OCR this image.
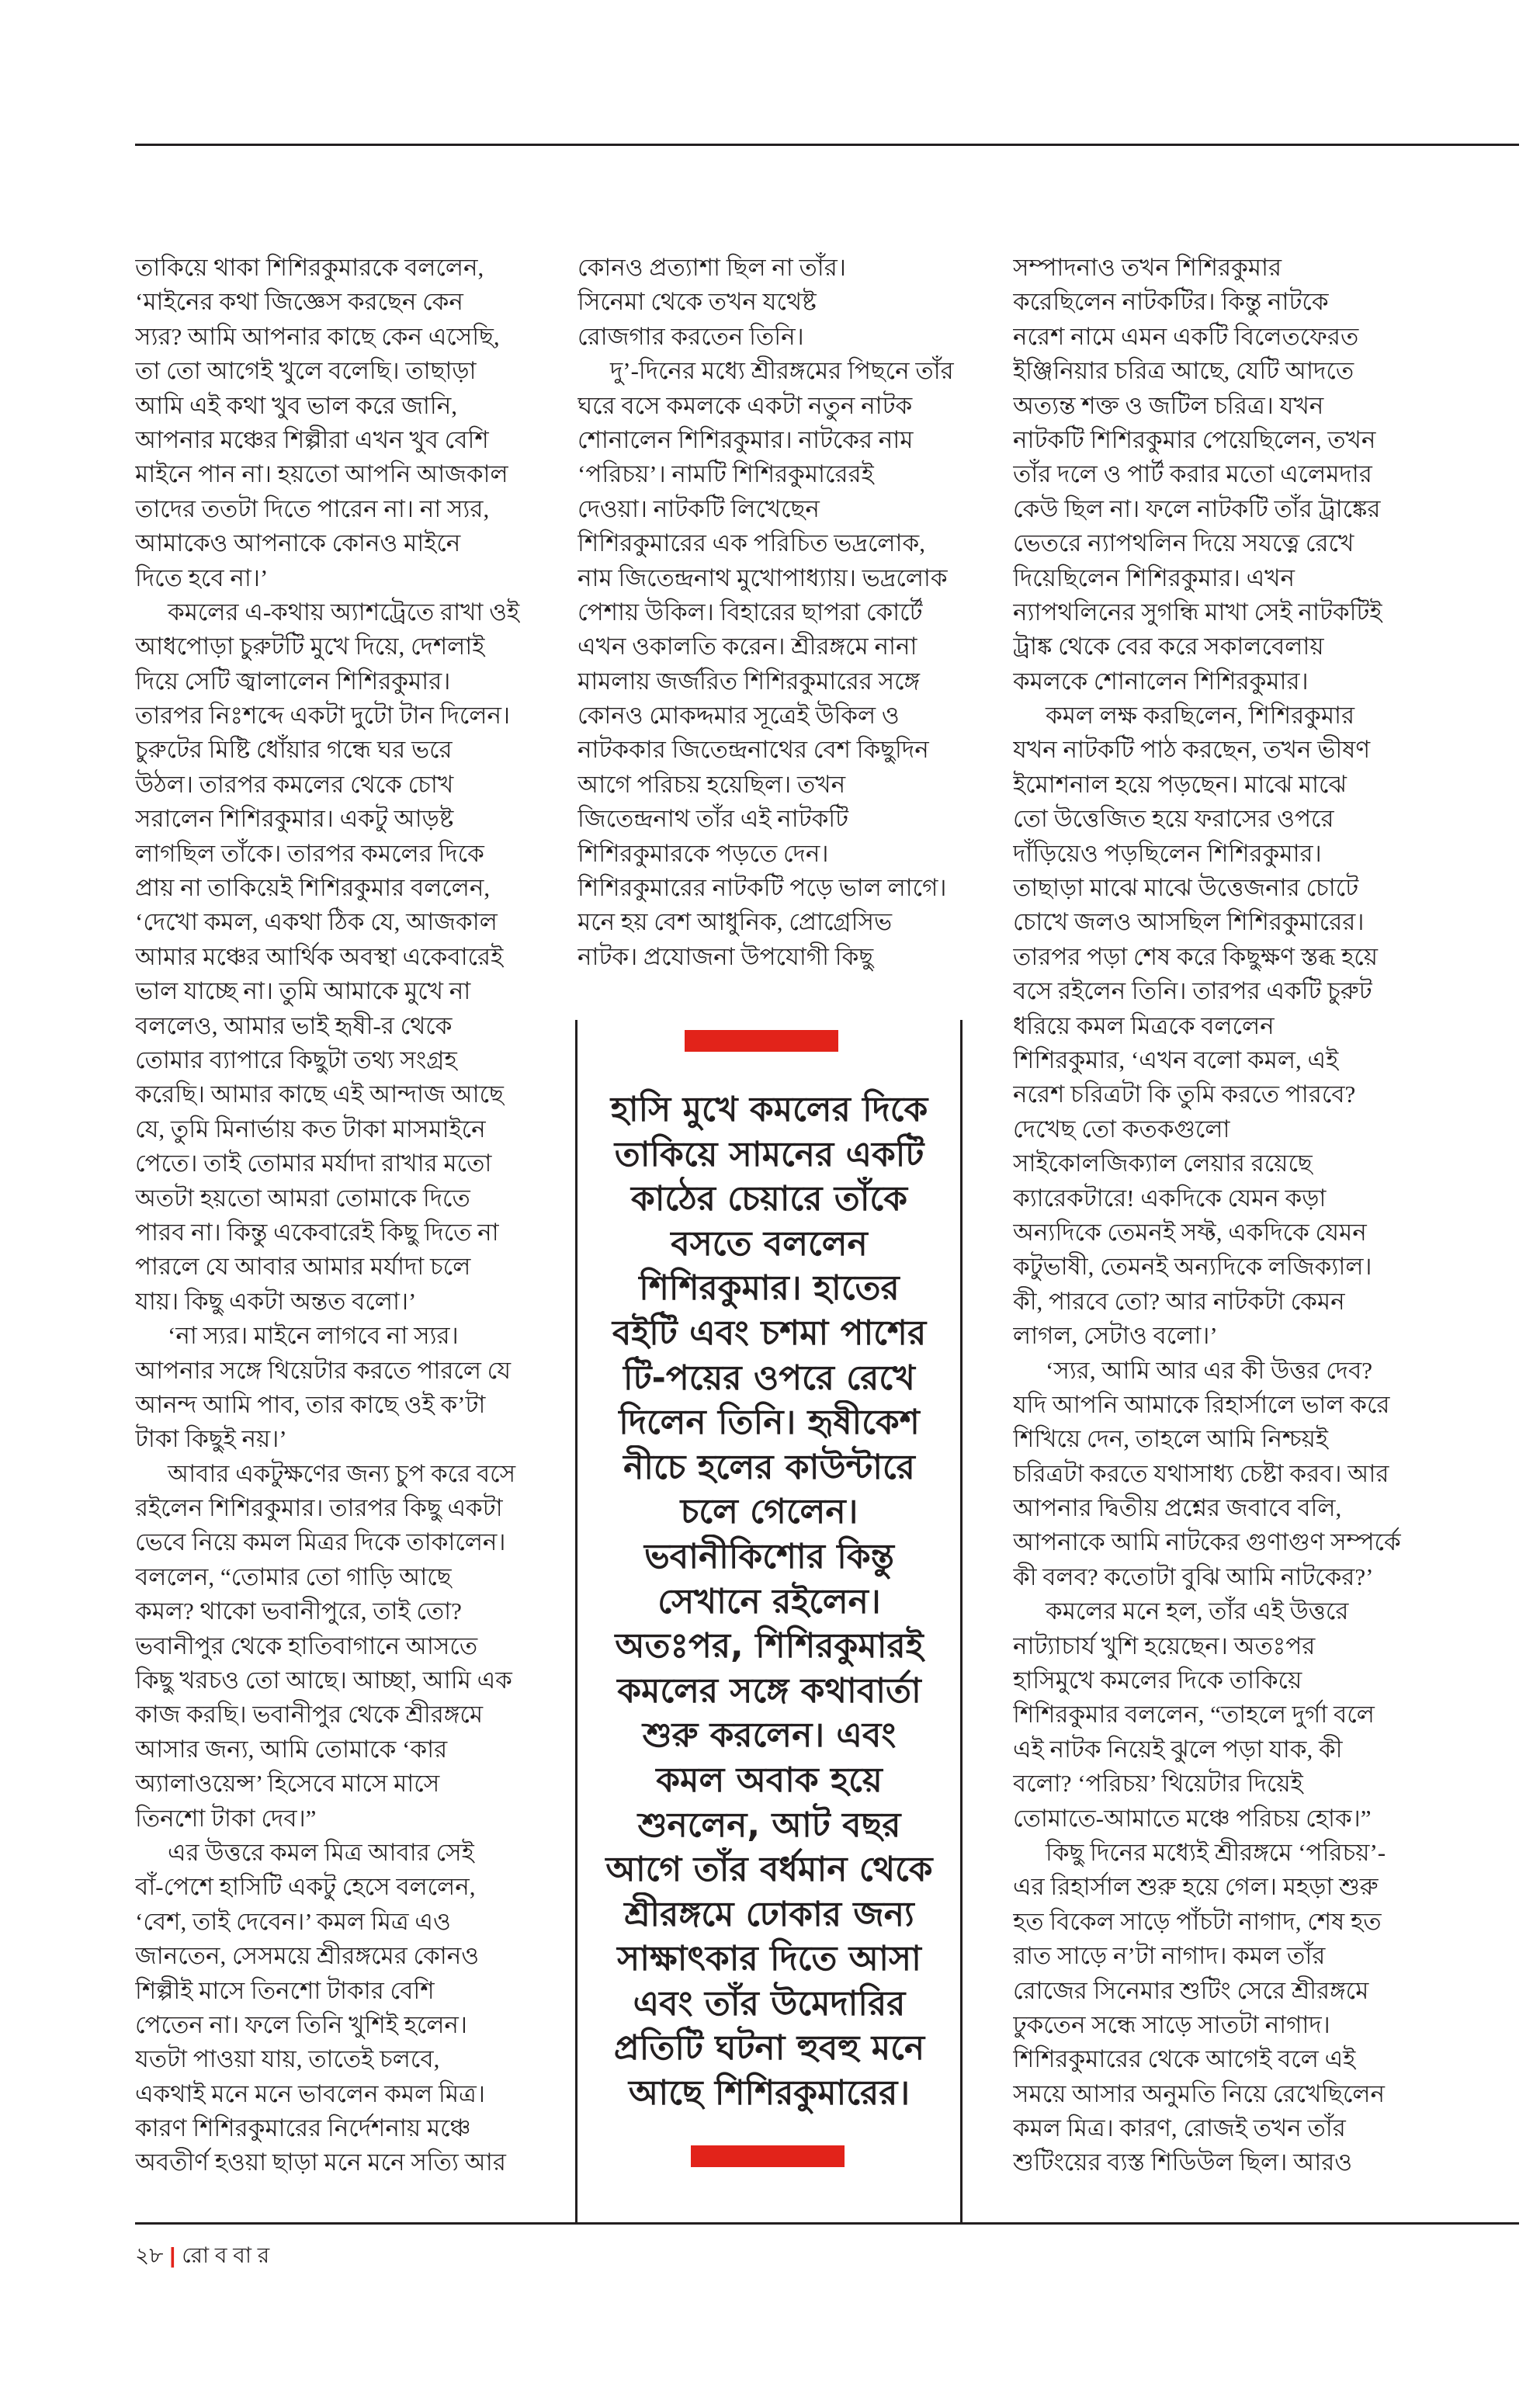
তাকিয়ে থাকা শিশিরকুমারকে বললেন,
‘মাইনের কথা জিজ্ঞেস করছেন কেন
স্যর? আমি আপনার কাছে কেন এসেছি,
তা তো আগেই খুলে বলেছি। তাছাড়া
আমি এই কথা খুব ভাল করে জানি,
আপনার মঞ্চের শিল্পীরা এখন খুব বেশি
মাইনে পান না। হয়তো আপনি আজকাল
তাদের ততটা দিতে পারেন না। না স্যর,
আমাকেও আপনাকে কোনও মাইনে
দিতে হবে না।’
কমলের এ-কথায় অ্যাশট্রেতে রাখা ওই
আধপোড়া চুরুটটি মুখে দিয়ে, দেশলাই
দিয়ে সেটি জ্বালালেন শিশিরকুমার।
তারপর নিঃশব্দে একটা দুটো টান দিলেন।
চুরুটের মিষ্টি ধোঁয়ার গন্ধে ঘর ভরে
উঠল। তারপর কমলের থেকে চোখ
সরালেন শিশিরকুমার। একটু আড়ষ্ট
লাগছিল তাঁকে। তারপর কমলের দিকে
প্রায় না তাকিয়েই শিশিরকুমার বললেন,
‘দেখো কমল, একথা ঠিক যে, আজকাল
আমার মঞ্চের আর্থিক অবস্থা একেবারেই
ভাল যাচ্ছে না। তুমি আমাকে মুখে না
বললেও, আমার ভাই হৃষী-র থেকে
তোমার ব্যাপারে কিছুটা তথ্য সংগ্রহ
করেছি। আমার কাছে এই আন্দাজ আছে
যে, তুমি মিনার্ভায় কত টাকা মাসমাইনে
পেতে। তাই তোমার মর্যাদা রাখার মতো
অতটা হয়তো আমরা তোমাকে দিতে
পারব না। কিন্তু একেবারেই কিছু দিতে না
পারলে যে আবার আমার মর্যাদা চলে
যায়। কিছু একটা অন্তত বলো।’
‘না স্যর। মাইনে লাগবে না স্যর।
আপনার সঙ্গে থিয়েটার করতে পারলে যে
আনন্দ আমি পাব, তার কাছে ওই ক’টা
টাকা কিছুই নয়।’
আবার একটুক্ষণের জন্য চুপ করে বসে
রইলেন শিশিরকুমার। তারপর কিছু একটা
ভেবে নিয়ে কমল মিত্রর দিকে তাকালেন।
বললেন, “তোমার তো গাড়ি আছে
কমল? থাকো ভবানীপুরে, তাই তো?
ভবানীপুর থেকে হাতিবাগানে আসতে
কিছু খরচও তো আছে। আচ্ছা, আমি এক
কাজ করছি। ভবানীপুর থেকে শ্রীরঙ্গমে
আসার জন্য, আমি তোমাকে ‘কার
অ্যালাওয়েন্স’ হিসেবে মাসে মাসে
তিনশো টাকা দেব।”
এর উত্তরে কমল মিত্র আবার সেই
বাঁ-পেশে হাসিটি একটু হেসে বললেন,
‘বেশ, তাই দেবেন।’ কমল মিত্র এও
জানতেন, সেসময়ে শ্রীরঙ্গমের কোনও
শিল্পীই মাসে তিনশো টাকার বেশি
পেতেন না। ফলে তিনি খুশিই হলেন।
যতটা পাওয়া যায়, তাতেই চলবে,
একথাই মনে মনে ভাবলেন কমল মিত্র।
কারণ শিশিরকুমারের নির্দেশনায় মঞ্চে
অবতীর্ণ হওয়া ছাড়া মনে মনে সত্যি আর
কোনও প্রত্যাশা ছিল না তাঁর।
সিনেমা থেকে তখন যথেষ্ট
রোজগার করতেন তিনি।
দু’-দিনের মধ্যে শ্রীরঙ্গমের পিছনে তাঁর
ঘরে বসে কমলকে একটা নতুন নাটক
শোনালেন শিশিরকুমার। নাটকের নাম
‘পরিচয়’। নামটি শিশিরকুমারেরই
দেওয়া। নাটকটি লিখেছেন
শিশিরকুমারের এক পরিচিত ভদ্রলোক,
নাম জিতেন্দ্রনাথ মুখোপাধ্যায়। ভদ্রলোক
পেশায় উকিল। বিহারের ছাপরা কোর্টে
এখন ওকালতি করেন। শ্রীরঙ্গমে নানা
মামলায় জর্জরিত শিশিরকুমারের সঙ্গে
কোনও মোকদ্দমার সূত্রেই উকিল ও
নাটককার জিতেন্দ্রনাথের বেশ কিছুদিন
আগে পরিচয় হয়েছিল। তখন
জিতেন্দ্রনাথ তাঁর এই নাটকটি
শিশিরকুমারকে পড়তে দেন।
শিশিরকুমারের নাটকটি পড়ে ভাল লাগে।
মনে হয় বেশ আধুনিক, প্রোগ্রেসিভ
নাটক। প্রযোজনা উপযোগী কিছু
সম্পাদনাও তখন শিশিরকুমার
করেছিলেন নাটকটির। কিন্তু নাটকে
নরেশ নামে এমন একটি বিলেতফেরত
ইঞ্জিনিয়ার চরিত্র আছে, যেটি আদতে
অত্যন্ত শক্ত ও জটিল চরিত্র। যখন
নাটকটি শিশিরকুমার পেয়েছিলেন, তখন
তাঁর দলে ও পার্ট করার মতো এলেমদার
কেউ ছিল না। ফলে নাটকটি তাঁর ট্রাঙ্কের
ভেতরে ন্যাপথলিন দিয়ে সযত্নে রেখে
দিয়েছিলেন শিশিরকুমার। এখন
ন্যাপথলিনের সুগন্ধি মাখা সেই নাটকটিই
ট্রাঙ্ক থেকে বের করে সকালবেলায়
কমলকে শোনালেন শিশিরকুমার।
কমল লক্ষ করছিলেন, শিশিরকুমার
যখন নাটকটি পাঠ করছেন, তখন ভীষণ
ইমোশনাল হয়ে পড়ছেন। মাঝে মাঝে
তো উত্তেজিত হয়ে ফরাসের ওপরে
দাঁড়িয়েও পড়ছিলেন শিশিরকুমার।
তাছাড়া মাঝে মাঝে উত্তেজনার চোটে
চোখে জলও আসছিল শিশিরকুমারের।
তারপর পড়া শেষ করে কিছুক্ষণ স্তব্ধ হয়ে
বসে রইলেন তিনি। তারপর একটি চুরুট
ধরিয়ে কমল মিত্রকে বললেন
শিশিরকুমার, ‘এখন বলো কমল, এই
নরেশ চরিত্রটা কি তুমি করতে পারবে?
দেখেছ তো কতকগুলো
সাইকোলজিক্যাল লেয়ার রয়েছে
ক্যারেকটারে! একদিকে যেমন কড়া
অন্যদিকে তেমনই সফ্ট, একদিকে যেমন
কটুভাষী, তেমনই অন্যদিকে লজিক্যাল।
কী, পারবে তো? আর নাটকটা কেমন
লাগল, সেটাও বলো।’
‘স্যর, আমি আর এর কী উত্তর দেব?
যদি আপনি আমাকে রিহার্সালে ভাল করে
শিখিয়ে দেন, তাহলে আমি নিশ্চয়ই
চরিত্রটা করতে যথাসাধ্য চেষ্টা করব। আর
আপনার দ্বিতীয় প্রশ্নের জবাবে বলি,
আপনাকে আমি নাটকের গুণাগুণ সম্পর্কে
কী বলব? কতোটা বুঝি আমি নাটকের?’
কমলের মনে হল, তাঁর এই উত্তরে
নাট্যাচার্য খুশি হয়েছেন। অতঃপর
হাসিমুখে কমলের দিকে তাকিয়ে
শিশিরকুমার বললেন, “তাহলে দুর্গা বলে
এই নাটক নিয়েই ঝুলে পড়া যাক, কী
বলো? ‘পরিচয়’ থিয়েটার দিয়েই
তোমাতে-আমাতে মঞ্চে পরিচয় হোক।”
কিছু দিনের মধ্যেই শ্রীরঙ্গমে ‘পরিচয়’-
এর রিহার্সাল শুরু হয়ে গেল। মহড়া শুরু
হত বিকেল সাড়ে পাঁচটা নাগাদ, শেষ হত
রাত সাড়ে ন’টা নাগাদ। কমল তাঁর
রোজের সিনেমার শুটিং সেরে শ্রীরঙ্গমে
ঢুকতেন সন্ধে সাড়ে সাতটা নাগাদ।
শিশিরকুমারের থেকে আগেই বলে এই
সময়ে আসার অনুমতি নিয়ে রেখেছিলেন
কমল মিত্র। কারণ, রোজই তখন তাঁর
শুটিংয়ের ব্যস্ত শিডিউল ছিল। আরও
হাসি মুখে কমলের দিকে
তাকিয়ে সামনের একটি
কাঠের চেয়ারে তাঁকে
বসতে বললেন
শিশিরকুমার। হাতের
বইটি এবং চশমা পাশের
টি-পয়ের ওপরে রেখে
দিলেন তিনি। হৃষীকেশ
নীচে হলের কাউন্টারে
চলে গেলেন।
ভবানীকিশোর কিন্তু
সেখানে রইলেন।
অতঃপর, শিশিরকুমারই
কমলের সঙ্গে কথাবার্তা
শুরু করলেন। এবং
কমল অবাক হয়ে
শুনলেন, আট বছর
আগে তাঁর বর্ধমান থেকে
শ্রীরঙ্গমে ঢোকার জন্য
সাক্ষাৎকার দিতে আসা
এবং তাঁর উমেদারির
প্রতিটি ঘটনা হুবহু মনে
আছে শিশিরকুমারের।
২৮ | রো ব বা র
